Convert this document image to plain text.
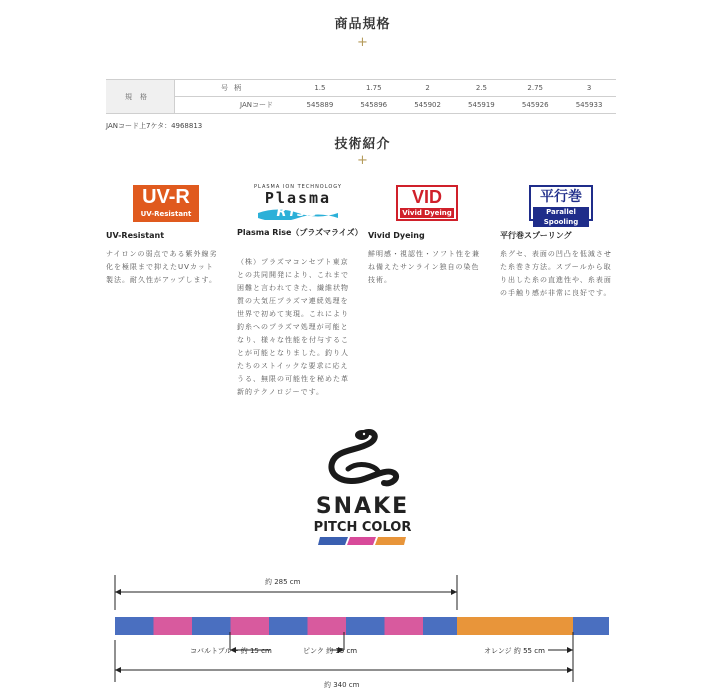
商品規格
+
規格	号柄	1.5	1.75	2	2.5	2.75	3
	JANコード	545889	545896	545902	545919	545926	545933
JANコード上7ケタ：4968813
技術紹介
+
UV-R
UV-Resistant
UV-Resistant
ナイロンの弱点である紫外線劣化を極限まで抑えたUVカット製法。耐久性がアップします。
PLASMA ION TECHNOLOGY
Plasma
Rise
Plasma Rise（プラズマライズ）
（株）プラズマコンセプト東京との共同開発により、これまで困難と言われてきた、繊維状物質の大気圧プラズマ連続処理を世界で初めて実現。これにより釣糸へのプラズマ処理が可能となり、様々な性能を付与することが可能となりました。釣り人たちのストイックな要求に応えうる、無限の可能性を秘めた革新的テクノロジーです。
VID
Vivid Dyeing
Vivid Dyeing
鮮明感・視認性・ソフト性を兼ね備えたサンライン独自の染色技術。
平行巻
Parallel Spooling
平行巻スプーリング
糸グセ、表面の凹凸を低減させた糸巻き方法。スプールから取り出した糸の直進性や、糸表面の手触り感が非常に良好です。
SNAKE
PITCH COLOR
約 285 cm
コバルトブルー 約 15 cm	ピンク 約 15 cm	オレンジ 約 55 cm
約 340 cm
